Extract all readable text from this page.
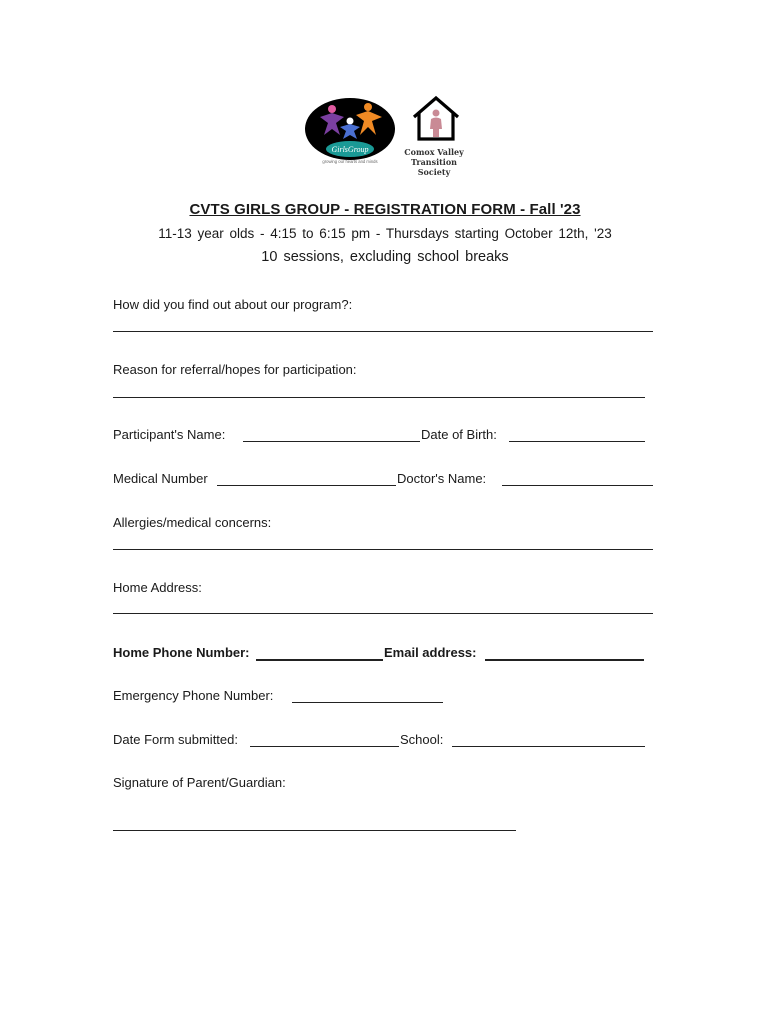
GirlsGroup
growing our hearts and minds
Comox Valley Transition Society
CVTS GIRLS GROUP - REGISTRATION FORM - Fall '23
11-13 year olds - 4:15 to 6:15 pm - Thursdays starting October 12th, '23
10 sessions, excluding school breaks
How did you find out about our program?:
Reason for referral/hopes for participation:
Participant's Name:	Date of Birth:
Medical Number	Doctor's Name:
Allergies/medical concerns:
Home Address:
Home Phone Number:	Email address:
Emergency Phone Number:
Date Form submitted:	School:
Signature of Parent/Guardian:
